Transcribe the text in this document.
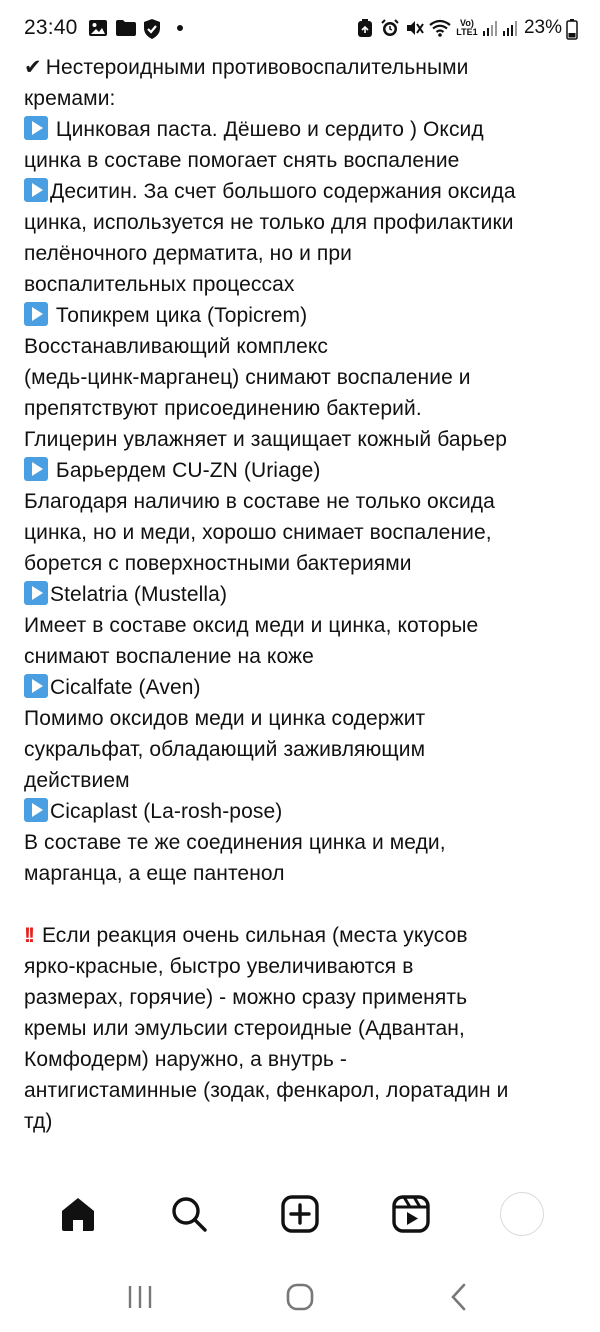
23:40	Vo)
LTE1 23%
✔ Нестероидными противовоспалительными
кремами:
Цинковая паста. Дёшево и сердито ) Оксид
цинка в составе помогает снять воспаление
Деситин. За счет большого содержания оксида
цинка, используется не только для профилактики
пелёночного дерматита, но и при
воспалительных процессах
Топикрем цика (Topicrem)
Восстанавливающий комплекс
(медь-цинк-марганец) снимают воспаление и
препятствуют присоединению бактерий.
Глицерин увлажняет и защищает кожный барьер
Барьердем CU-ZN (Uriage)
Благодаря наличию в составе не только оксида
цинка, но и меди, хорошо снимает воспаление,
борется с поверхностными бактериями
Stelatria (Mustella)
Имеет в составе оксид меди и цинка, которые
снимают воспаление на коже
Cicalfate (Aven)
Помимо оксидов меди и цинка содержит
сукральфат, обладающий заживляющим
действием
Cicaplast (La-rosh-pose)
В составе те же соединения цинка и меди,
марганца, а еще пантенол
!! Если реакция очень сильная (места укусов
ярко-красные, быстро увеличиваются в
размерах, горячие) - можно сразу применять
кремы или эмульсии стероидные (Адвантан,
Комфодерм) наружно, а внутрь -
антигистаминные (зодак, фенкарол, лоратадин и
тд)
